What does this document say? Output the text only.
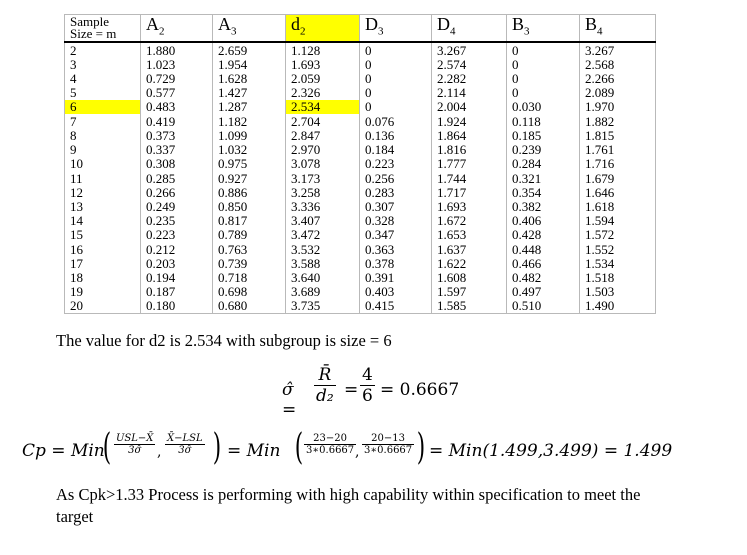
Sample
Size = m	$A_2$	$A_3$	$d_2$	$D_3$	$D_4$	$B_3$	$B_4$
2	1.880	2.659	1.128	0	3.267	0	3.267
3	1.023	1.954	1.693	0	2.574	0	2.568
4	0.729	1.628	2.059	0	2.282	0	2.266
5	0.577	1.427	2.326	0	2.114	0	2.089
6	0.483	1.287	2.534	0	2.004	0.030	1.970
7	0.419	1.182	2.704	0.076	1.924	0.118	1.882
8	0.373	1.099	2.847	0.136	1.864	0.185	1.815
9	0.337	1.032	2.970	0.184	1.816	0.239	1.761
10	0.308	0.975	3.078	0.223	1.777	0.284	1.716
11	0.285	0.927	3.173	0.256	1.744	0.321	1.679
12	0.266	0.886	3.258	0.283	1.717	0.354	1.646
13	0.249	0.850	3.336	0.307	1.693	0.382	1.618
14	0.235	0.817	3.407	0.328	1.672	0.406	1.594
15	0.223	0.789	3.472	0.347	1.653	0.428	1.572
16	0.212	0.763	3.532	0.363	1.637	0.448	1.552
17	0.203	0.739	3.588	0.378	1.622	0.466	1.534
18	0.194	0.718	3.640	0.391	1.608	0.482	1.518
19	0.187	0.698	3.689	0.403	1.597	0.497	1.503
20	0.180	0.680	3.735	0.415	1.585	0.510	1.490
The value for d2 is 2.534 with subgroup is size = 6
σ̂ =
$\frac{R̄}{\text{d₂}} = \frac{4}{6} = 0.6667$
Cp = Min
( USL−X̄
3σ̂	,
X̄−LSL
3σ̂ ) = Min ( $\frac{23-20}{3∗0.6667}$
, $\frac{20-13}{3∗0.6667}$ ) = Min(1.499,3.499) = 1.499
As Cpk>1.33 Process is performing with high capability within specification to meet the target
